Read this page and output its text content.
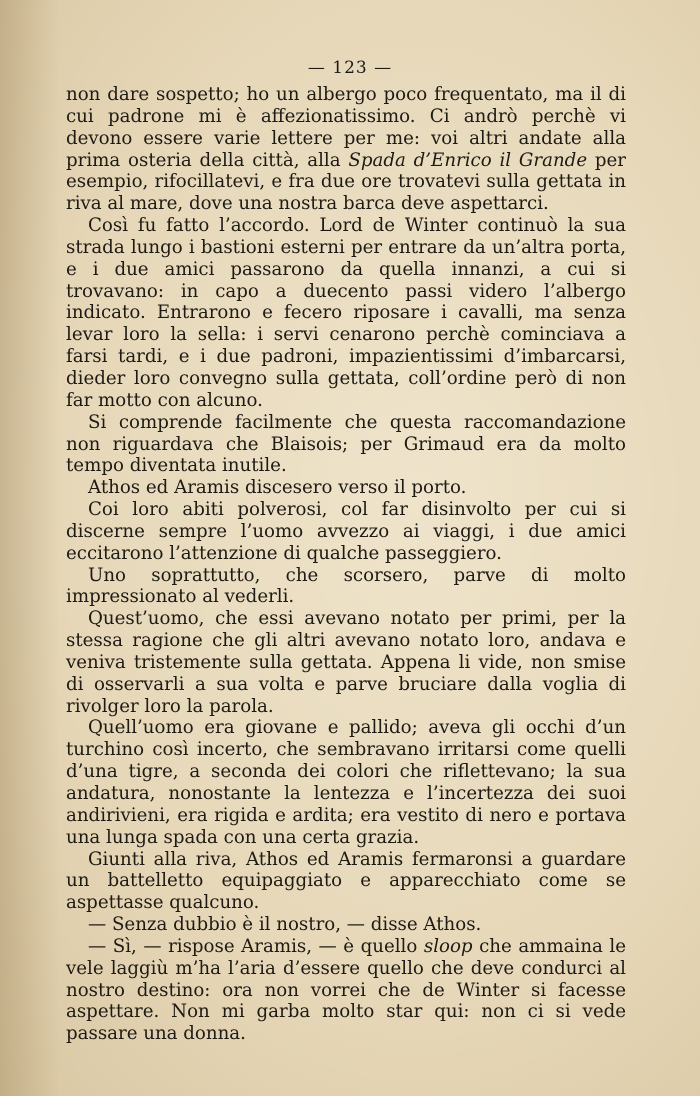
— 123 —

non dare sospetto; ho un albergo poco frequentato, ma il di cui padrone mi è affezionatissimo. Ci andrò perchè vi devono essere varie lettere per me: voi altri andate alla prima osteria della città, alla Spada d’Enrico il Grande per esempio, rifocillatevi, e fra due ore trovatevi sulla gettata in riva al mare, dove una nostra barca deve aspettarci.

Così fu fatto l’accordo. Lord de Winter continuò la sua strada lungo i bastioni esterni per entrare da un’altra porta, e i due amici passarono da quella innanzi, a cui si trovavano: in capo a duecento passi videro l’albergo indicato. Entrarono e fecero riposare i cavalli, ma senza levar loro la sella: i servi cenarono perchè cominciava a farsi tardi, e i due padroni, impazientissimi d’imbarcarsi, dieder loro convegno sulla gettata, coll’ordine però di non far motto con alcuno.

Si comprende facilmente che questa raccomandazione non riguardava che Blaisois; per Grimaud era da molto tempo diventata inutile.

Athos ed Aramis discesero verso il porto.

Coi loro abiti polverosi, col far disinvolto per cui si discerne sempre l’uomo avvezzo ai viaggi, i due amici eccitarono l’attenzione di qualche passeggiero.

Uno soprattutto, che scorsero, parve di molto impressionato al vederli.

Quest’uomo, che essi avevano notato per primi, per la stessa ragione che gli altri avevano notato loro, andava e veniva tristemente sulla gettata. Appena li vide, non smise di osservarli a sua volta e parve bruciare dalla voglia di rivolger loro la parola.

Quell’uomo era giovane e pallido; aveva gli occhi d’un turchino così incerto, che sembravano irritarsi come quelli d’una tigre, a seconda dei colori che riflettevano; la sua andatura, nonostante la lentezza e l’incertezza dei suoi andirivieni, era rigida e ardita; era vestito di nero e portava una lunga spada con una certa grazia.

Giunti alla riva, Athos ed Aramis fermaronsi a guardare un battelletto equipaggiato e apparecchiato come se aspettasse qualcuno.

— Senza dubbio è il nostro, — disse Athos.

— Sì, — rispose Aramis, — è quello sloop che ammaina le vele laggiù m’ha l’aria d’essere quello che deve condurci al nostro destino: ora non vorrei che de Winter si facesse aspettare. Non mi garba molto star qui: non ci si vede passare una donna.
